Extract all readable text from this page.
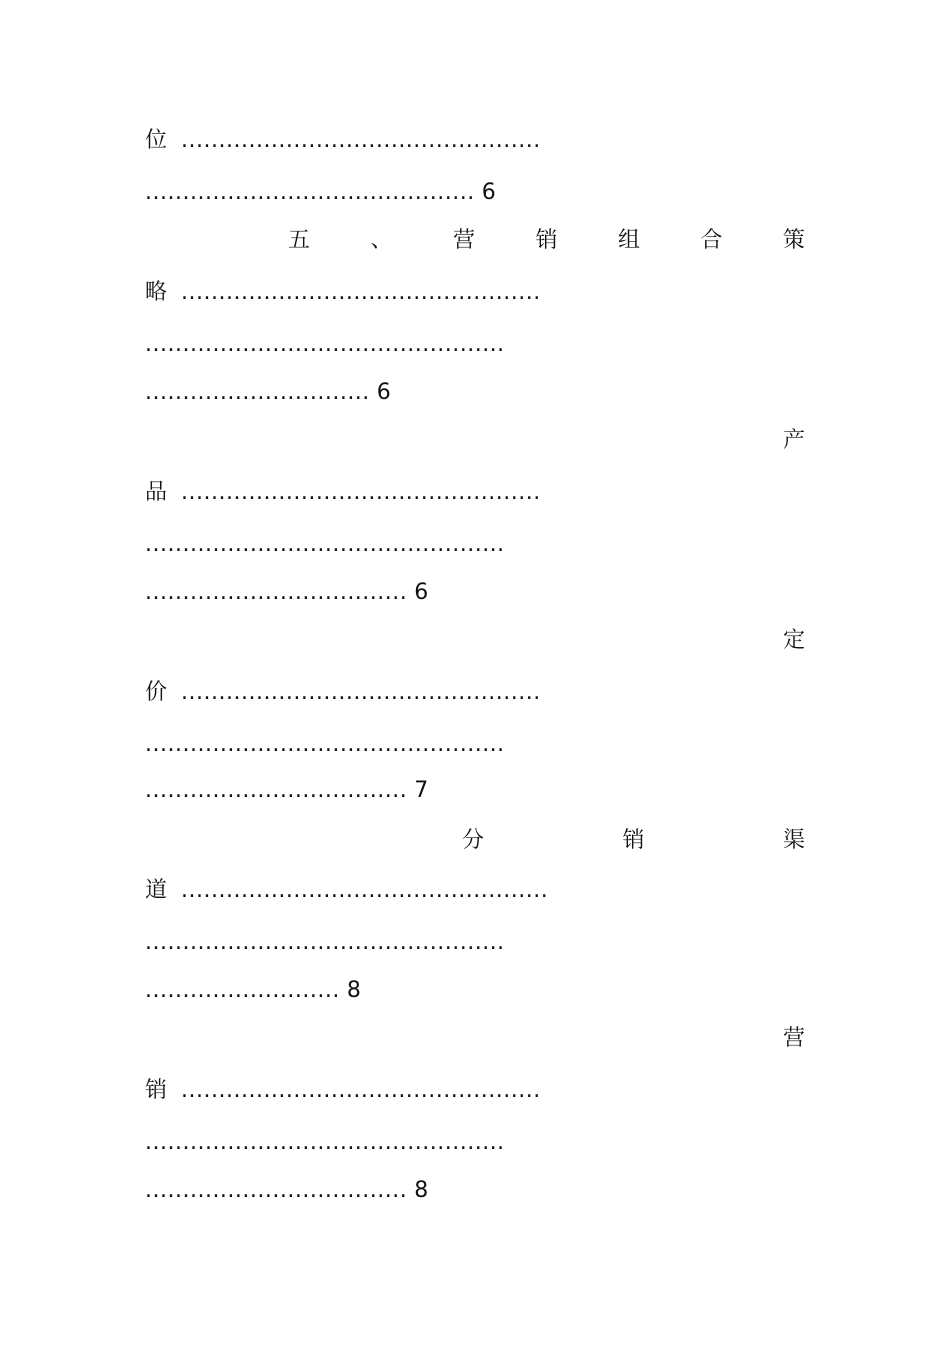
位 ................................................
............................................ 6
五	、	营	销	组	合	策
略 ................................................
................................................
.............................. 6
产
品 ................................................
................................................
................................... 6
定
价 ................................................
................................................
................................... 7
分	销	渠
道 .................................................
................................................
.......................... 8
营
销 ................................................
................................................
................................... 8
